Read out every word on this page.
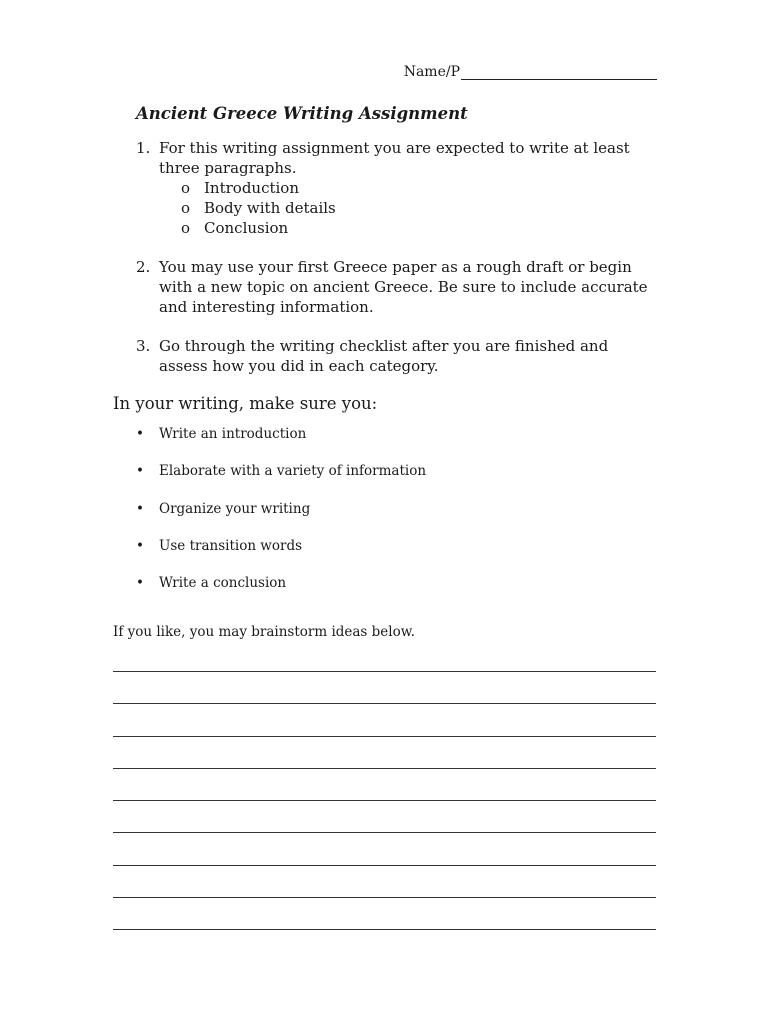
Name/P
Ancient Greece Writing Assignment
1. For this writing assignment you are expected to write at least three paragraphs.
o Introduction
o Body with details
o Conclusion
2. You may use your first Greece paper as a rough draft or begin with a new topic on ancient Greece. Be sure to include accurate and interesting information.
3. Go through the writing checklist after you are finished and assess how you did in each category.
In your writing, make sure you:
•	Write an introduction
•	Elaborate with a variety of information
•	Organize your writing
•	Use transition words
•	Write a conclusion

If you like, you may brainstorm ideas below.
